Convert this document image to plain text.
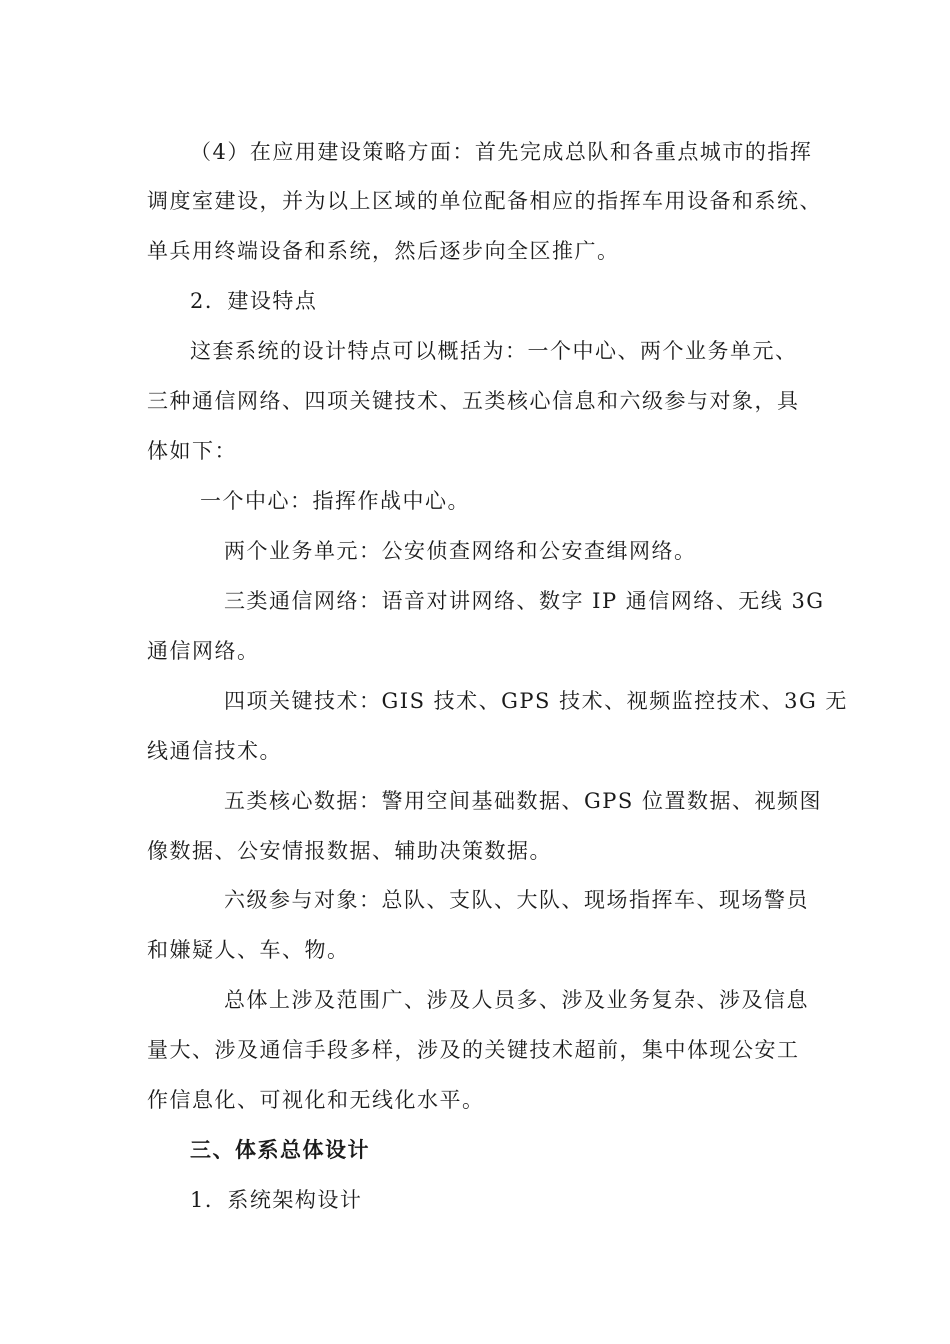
（4）在应用建设策略方面：首先完成总队和各重点城市的指挥
调度室建设，并为以上区域的单位配备相应的指挥车用设备和系统、
单兵用终端设备和系统，然后逐步向全区推广。
2．建设特点
这套系统的设计特点可以概括为：一个中心、两个业务单元、
三种通信网络、四项关键技术、五类核心信息和六级参与对象，具
体如下：
一个中心：指挥作战中心。
两个业务单元：公安侦查网络和公安查缉网络。
三类通信网络：语音对讲网络、数字 IP 通信网络、无线 3G
通信网络。
四项关键技术：GIS 技术、GPS 技术、视频监控技术、3G 无
线通信技术。
五类核心数据：警用空间基础数据、GPS 位置数据、视频图
像数据、公安情报数据、辅助决策数据。
六级参与对象：总队、支队、大队、现场指挥车、现场警员
和嫌疑人、车、物。
总体上涉及范围广、涉及人员多、涉及业务复杂、涉及信息
量大、涉及通信手段多样，涉及的关键技术超前，集中体现公安工
作信息化、可视化和无线化水平。
三、体系总体设计
1．系统架构设计
